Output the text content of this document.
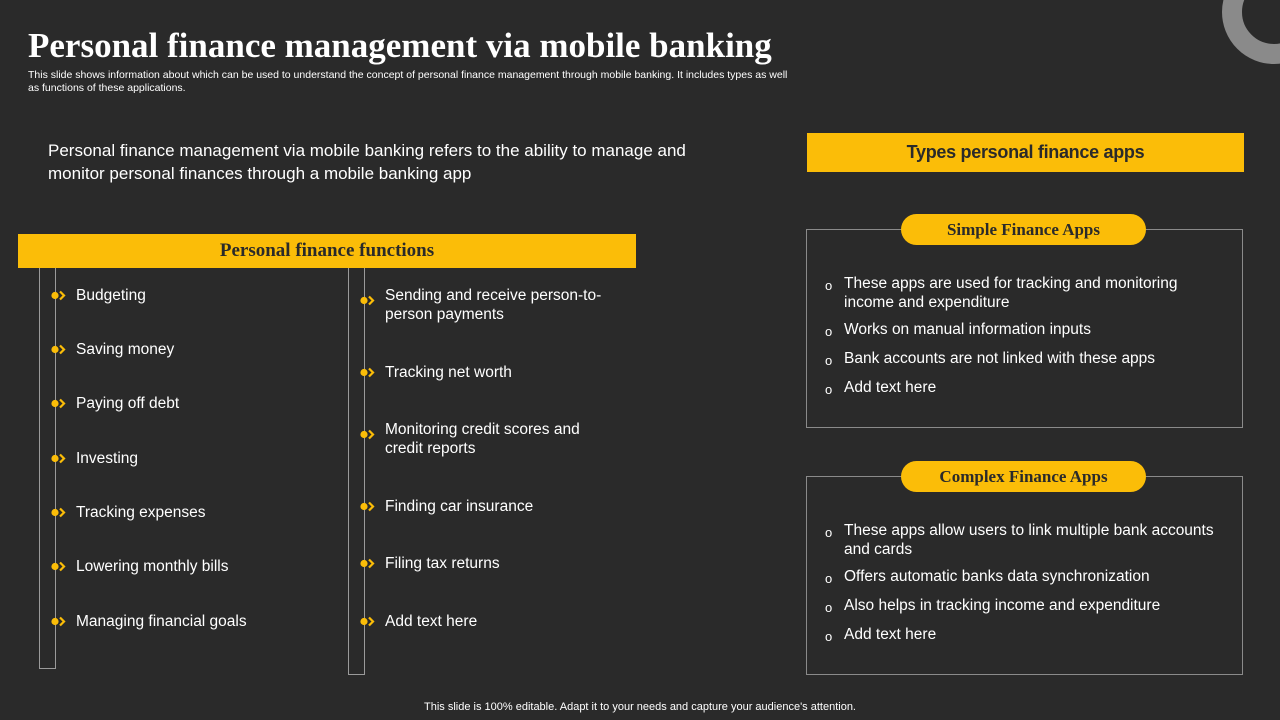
Personal finance management via mobile banking

This slide shows information about which can be used to understand the concept of personal finance management through mobile banking. It includes types as well as functions of these applications.

Personal finance management via mobile banking refers to the ability to manage and monitor personal finances through a mobile banking app

Personal finance functions
Budgeting
Saving money
Paying off debt
Investing
Tracking expenses
Lowering monthly bills
Managing financial goals
Sending and receive person-to-person payments
Tracking net worth
Monitoring credit scores and credit reports
Finding car insurance
Filing tax returns
Add text here
Types personal finance apps
Simple Finance Apps
o These apps are used for tracking and monitoring income and expenditure
o Works on manual information inputs
o Bank accounts are not linked with these apps
o Add text here
Complex Finance Apps
o These apps allow users to link multiple bank accounts and cards
o Offers automatic banks data synchronization
o Also helps in tracking income and expenditure
o Add text here
This slide is 100% editable. Adapt it to your needs and capture your audience's attention.
